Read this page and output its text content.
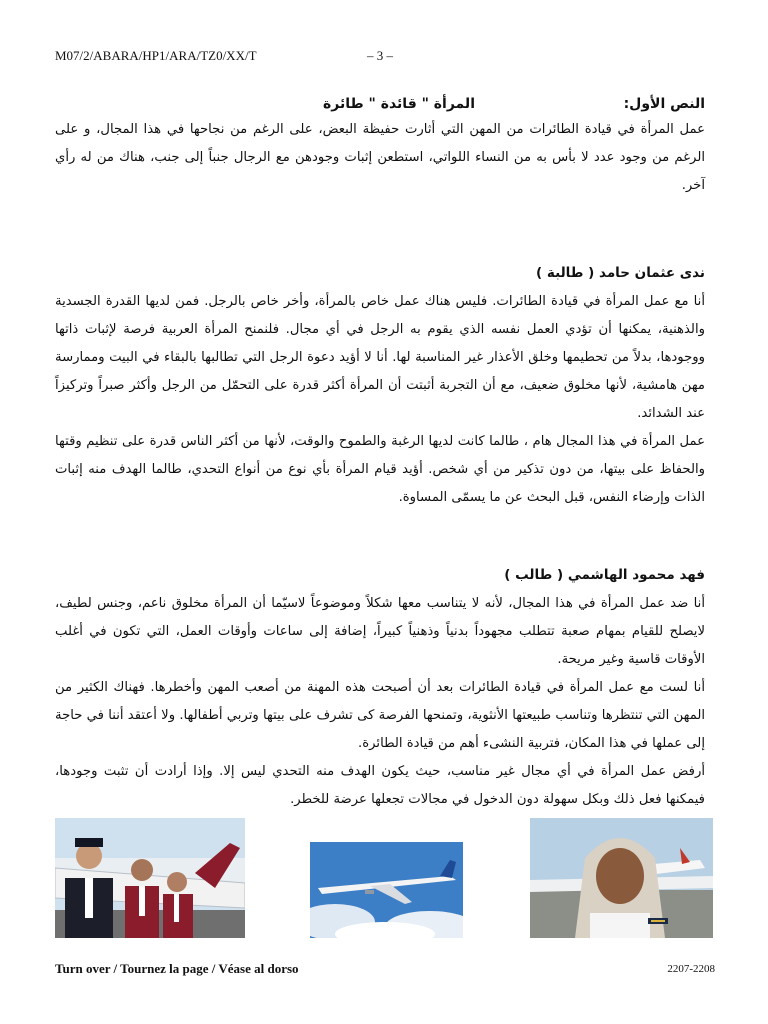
M07/2/ABARA/HP1/ARA/TZ0/XX/T	– 3 –
النص الأول:
المرأة " قائدة " طائرة

عمل المرأة في قيادة الطائرات من المهن التي أثارت حفيظة البعض، على الرغم من نجاحها في هذا المجال، و على الرغم من وجود عدد لا بأس به من النساء اللواتي، استطعن إثبات وجودهن مع الرجال جنباً إلى جنب، هناك من له رأي آخر.

ندى عثمان حامد ( طالبة )

أنا مع عمل المرأة في قيادة الطائرات. فليس هناك عمل خاص بالمرأة، وأخر خاص بالرجل. فمن لديها القدرة الجسدية والذهنية، يمكنها أن تؤدي العمل نفسه الذي يقوم به الرجل في أي مجال. فلنمنح المرأة العربية فرصة لإثبات ذاتها ووجودها، بدلاً من تحطيمها وخلق الأعذار غير المناسبة لها. أنا لا أؤيد دعوة الرجل التي تطالبها بالبقاء في البيت وممارسة مهن هامشية، لأنها مخلوق ضعيف، مع أن التجربة أثبتت أن المرأة أكثر قدرة على التحمّل من الرجل وأكثر صبراً وتركيزاً عند الشدائد.

عمل المرأة في هذا المجال هام ، طالما كانت لديها الرغبة والطموح والوقت، لأنها من أكثر الناس قدرة على تنظيم وقتها والحفاظ على بيتها، من دون تذكير من أي شخص. أؤيد قيام المرأة بأي نوع من أنواع التحدي، طالما الهدف منه إثبات الذات وإرضاء النفس، قبل البحث عن ما يسمّى المساوة.

فهد محمود الهاشمي ( طالب )

أنا ضد عمل المرأة في هذا المجال، لأنه لا يتناسب معها شكلاً وموضوعاً لاسيّما أن المرأة مخلوق ناعم، وجنس لطيف، لايصلح للقيام بمهام صعبة تتطلب مجهوداً بدنياً وذهنياً كبيراً، إضافة إلى ساعات وأوقات العمل، التي تكون في أغلب الأوقات قاسية وغير مريحة.

أنا لست مع عمل المرأة في قيادة الطائرات بعد أن أصبحت هذه المهنة من أصعب المهن وأخطرها. فهناك الكثير من المهن التي تنتظرها وتناسب طبيعتها الأنثوية، وتمنحها الفرصة كى تشرف على بيتها وتربي أطفالها. ولا أعتقد أننا في حاجة إلى عملها في هذا المكان، فتربية النشىء أهم من قيادة الطائرة.

أرفض عمل المرأة في أي مجال غير مناسب، حيث يكون الهدف منه التحدي ليس إلا. وإذا أرادت أن تثبت وجودها، فيمكنها فعل ذلك وبكل سهولة دون الدخول في مجالات تجعلها عرضة للخطر.

Turn over / Tournez la page / Véase al dorso	2207-2208
